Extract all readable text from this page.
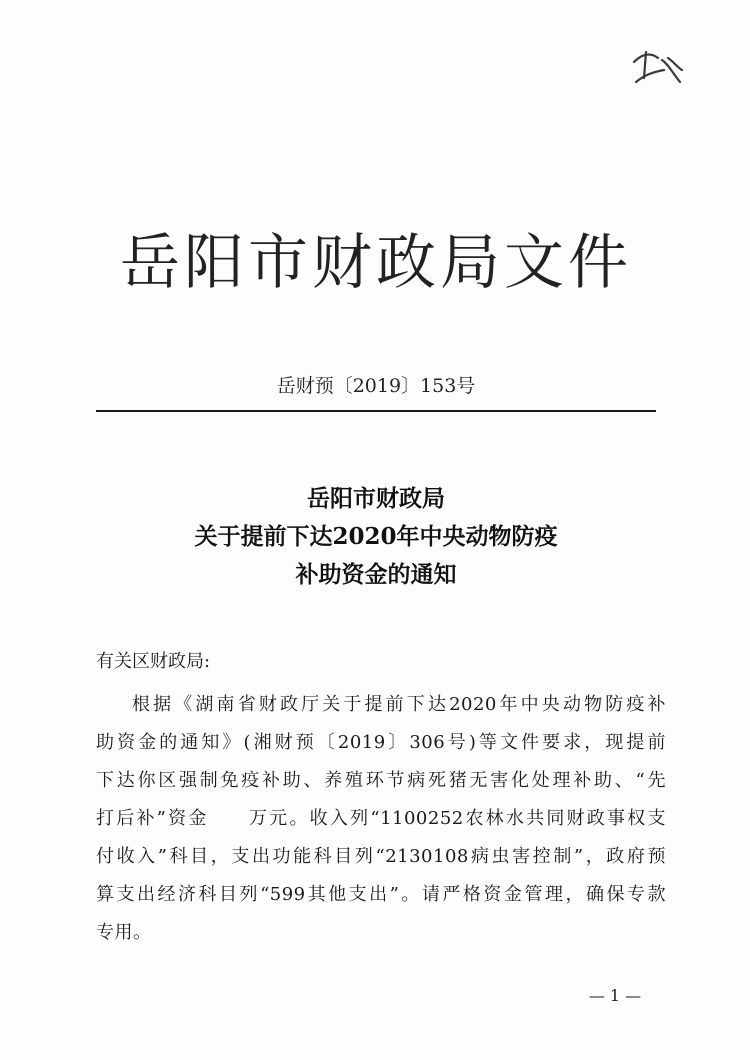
岳阳市财政局文件
岳财预〔2019〕153号
岳阳市财政局
关于提前下达2020年中央动物防疫
补助资金的通知
有关区财政局:
根据《湖南省财政厅关于提前下达2020年中央动物防疫补
助资金的通知》(湘财预〔2019〕306号)等文件要求，现提前
下达你区强制免疫补助、养殖环节病死猪无害化处理补助、“先
打后补”资金　　万元。收入列“1100252农林水共同财政事权支
付收入”科目，支出功能科目列“2130108病虫害控制”，政府预
算支出经济科目列“599其他支出”。请严格资金管理，确保专款
专用。
— 1 —
